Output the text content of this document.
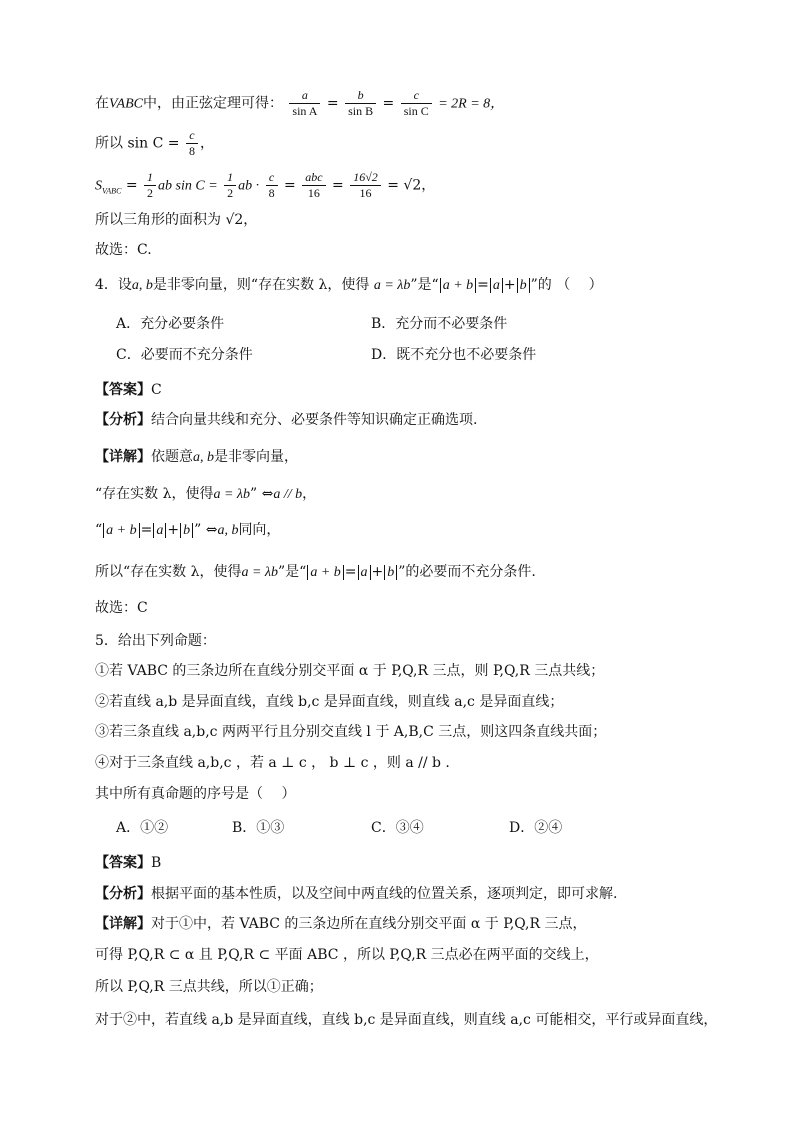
在VABC中，由正弦定理可得： $\frac{a}{\text{sin A}} = \frac{b}{\text{sin B}} = \frac{c}{\text{sin C}} = 2R = 8$，
所以 $\sin C = \frac{c}{8}$ ，
$S_{VABC} = \frac{1}{2}$ ab $\sin C = \frac{1}{2}$ ab · $\frac{c}{8} = \frac{\text{abc}}{16} = \frac{16√2}{16} = √2$，
所以三角形的面积为 √2，
故选：C.
4．设a, b是非零向量，则“存在实数 λ，使得 a = λb”是“ a + b = a + b ”的 （　 ）
A．充分必要条件	B．充分而不必要条件
C．必要而不充分条件	D．既不充分也不必要条件
【答案】C
【分析】结合向量共线和充分、必要条件等知识确定正确选项.
【详解】依题意a, b是非零向量，
“存在实数 λ，使得a = λb” ⇔a // b，
“ a + b = a + b ” ⇔a, b同向，
所以“存在实数 λ，使得a = λb”是“ a + b = a + b ”的必要而不充分条件.
故选：C
5．给出下列命题：
①若 VABC 的三条边所在直线分别交平面 α 于 P,Q,R 三点，则 P,Q,R 三点共线；
②若直线 a,b 是异面直线，直线 b,c 是异面直线，则直线 a,c 是异面直线；
③若三条直线 a,b,c 两两平行且分别交直线 l 于 A,B,C 三点，则这四条直线共面；
④对于三条直线 a,b,c ，若 a ⊥ c ， b ⊥ c ，则 a // b .
其中所有真命题的序号是（　 ）
A．①②	B．①③	C．③④	D．②④
【答案】B
【分析】根据平面的基本性质，以及空间中两直线的位置关系，逐项判定，即可求解.
【详解】对于①中，若 VABC 的三条边所在直线分别交平面 α 于 P,Q,R 三点，
可得 P,Q,R ⊂ α 且 P,Q,R ⊂ 平面 ABC ，所以 P,Q,R 三点必在两平面的交线上，
所以 P,Q,R 三点共线，所以①正确；
对于②中，若直线 a,b 是异面直线，直线 b,c 是异面直线，则直线 a,c 可能相交，平行或异面直线，
